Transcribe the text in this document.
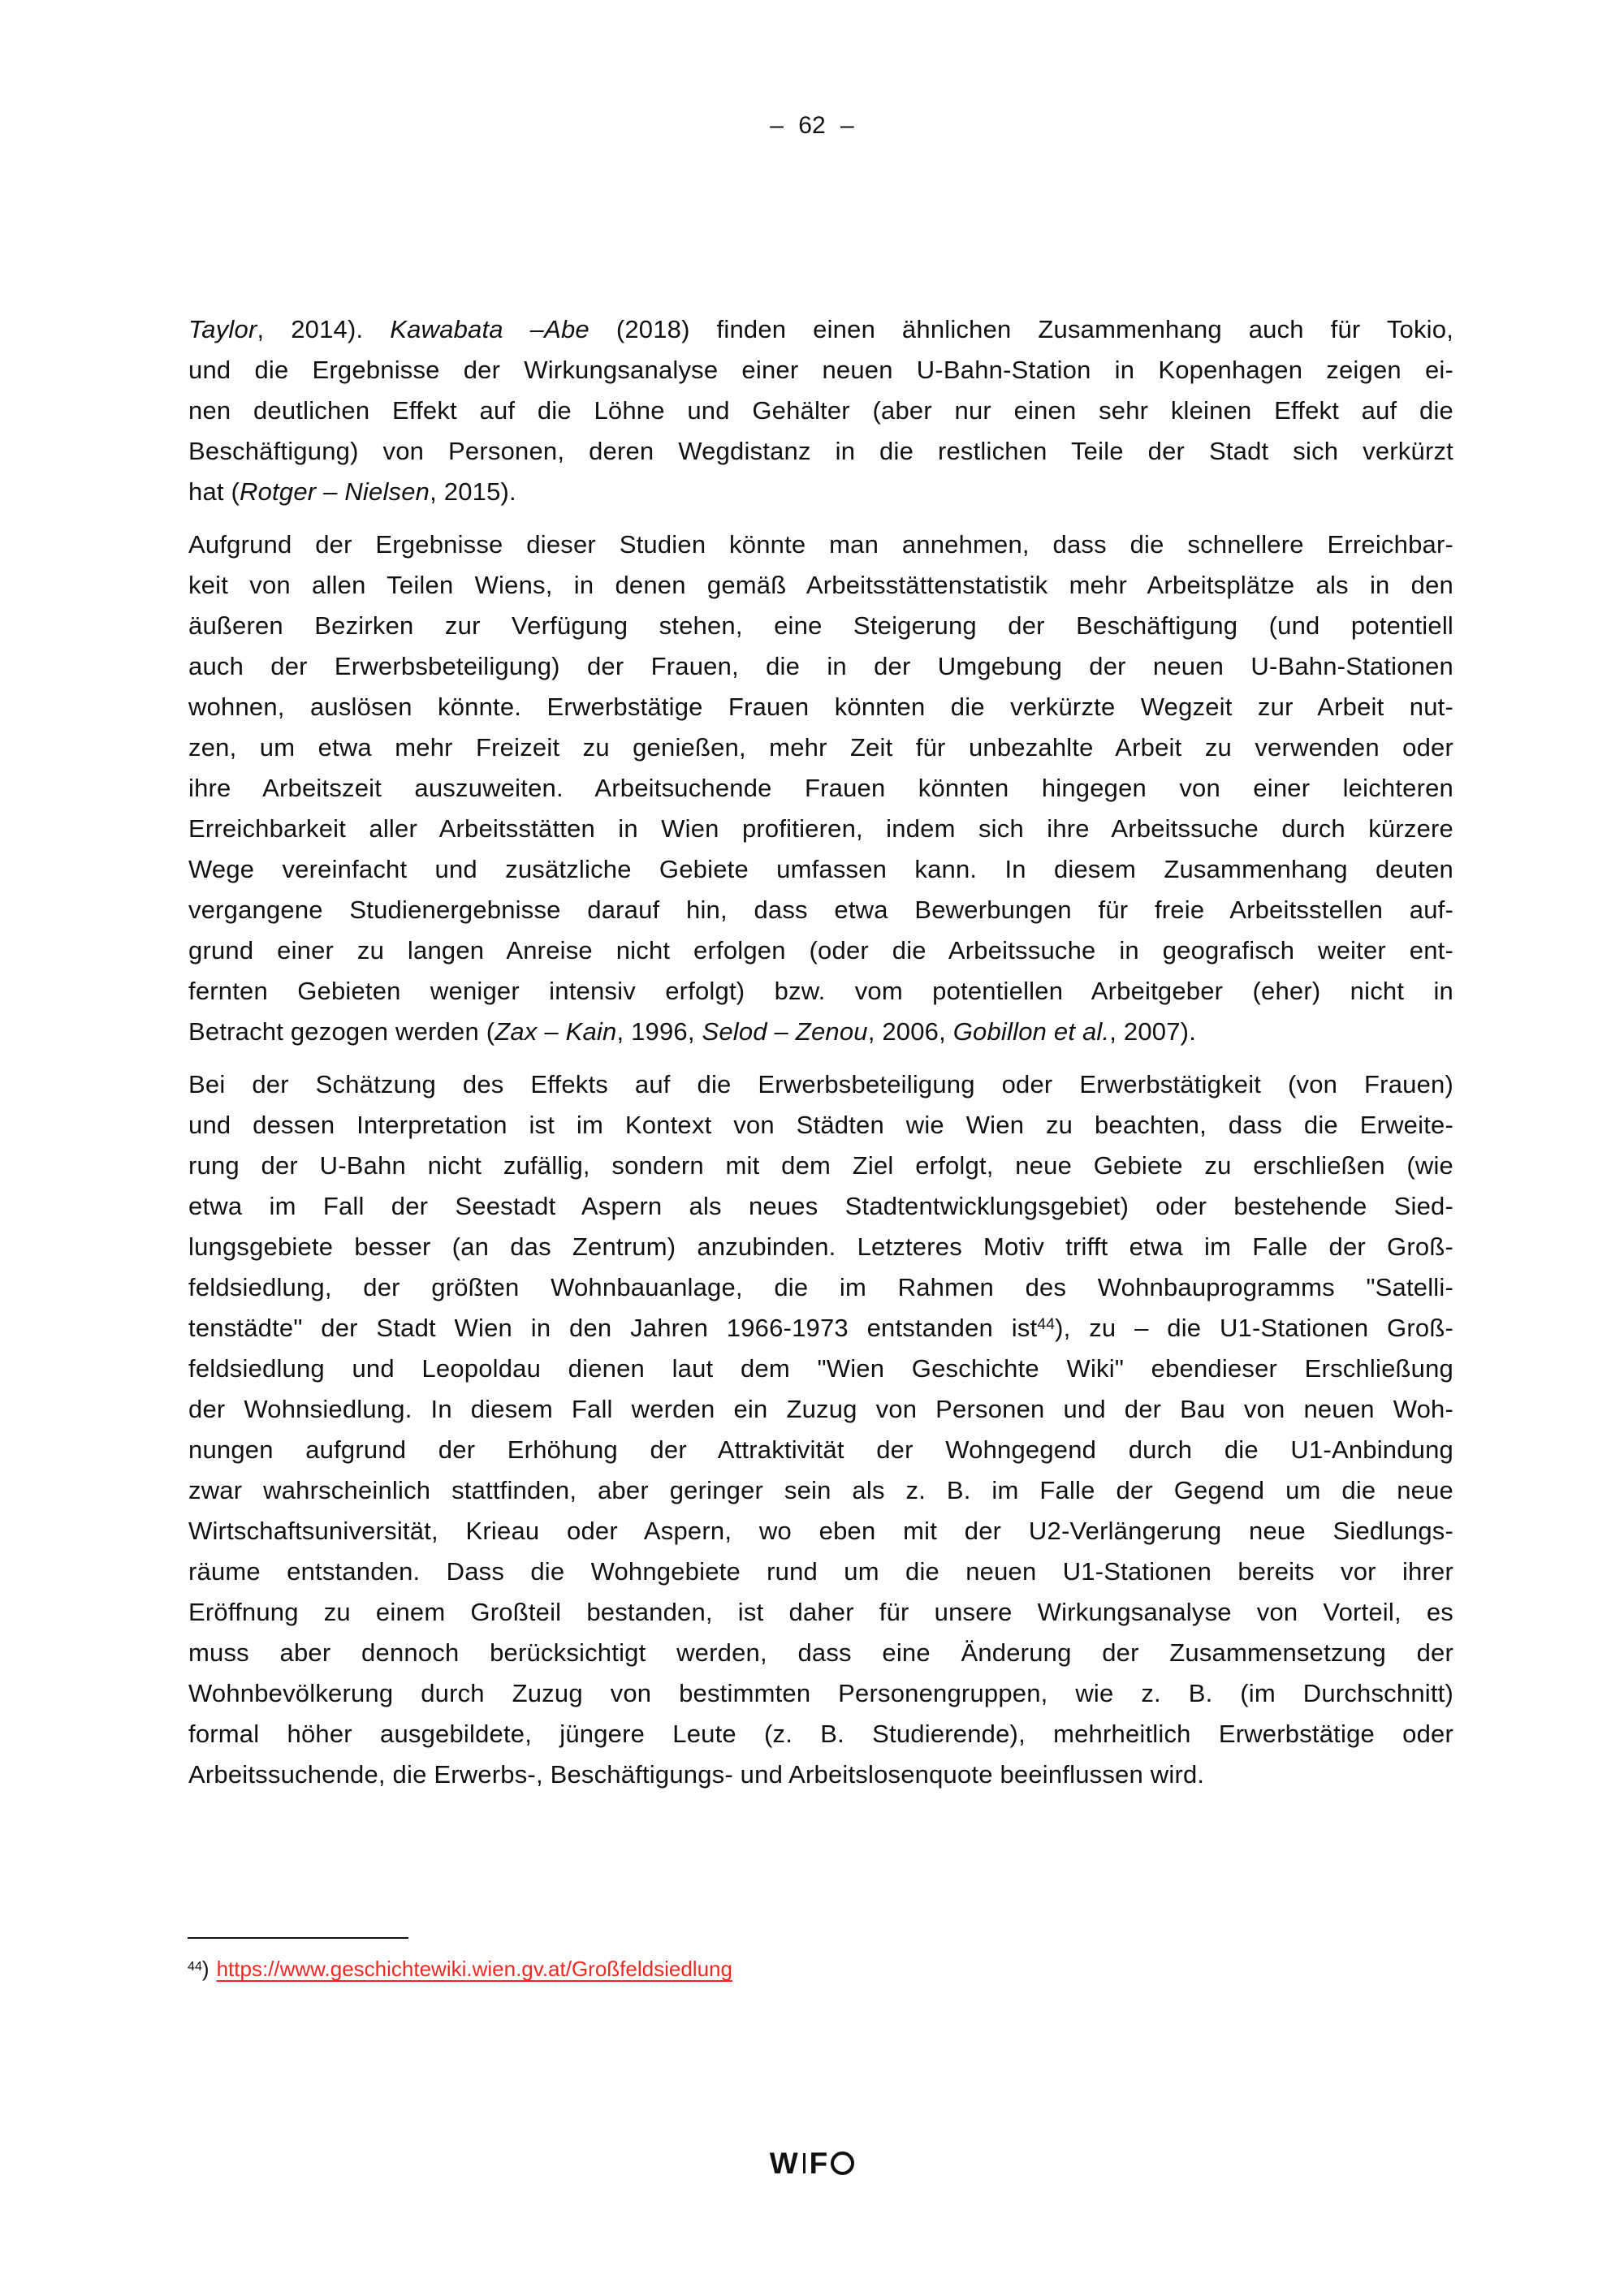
– 62 –
Taylor, 2014). Kawabata –Abe (2018) finden einen ähnlichen Zusammenhang auch für Tokio,
und die Ergebnisse der Wirkungsanalyse einer neuen U-Bahn-Station in Kopenhagen zeigen ei-
nen deutlichen Effekt auf die Löhne und Gehälter (aber nur einen sehr kleinen Effekt auf die
Beschäftigung) von Personen, deren Wegdistanz in die restlichen Teile der Stadt sich verkürzt
hat (Rotger – Nielsen, 2015).
Aufgrund der Ergebnisse dieser Studien könnte man annehmen, dass die schnellere Erreichbar-
keit von allen Teilen Wiens, in denen gemäß Arbeitsstättenstatistik mehr Arbeitsplätze als in den
äußeren Bezirken zur Verfügung stehen, eine Steigerung der Beschäftigung (und potentiell
auch der Erwerbsbeteiligung) der Frauen, die in der Umgebung der neuen U-Bahn-Stationen
wohnen, auslösen könnte. Erwerbstätige Frauen könnten die verkürzte Wegzeit zur Arbeit nut-
zen, um etwa mehr Freizeit zu genießen, mehr Zeit für unbezahlte Arbeit zu verwenden oder
ihre Arbeitszeit auszuweiten. Arbeitsuchende Frauen könnten hingegen von einer leichteren
Erreichbarkeit aller Arbeitsstätten in Wien profitieren, indem sich ihre Arbeitssuche durch kürzere
Wege vereinfacht und zusätzliche Gebiete umfassen kann. In diesem Zusammenhang deuten
vergangene Studienergebnisse darauf hin, dass etwa Bewerbungen für freie Arbeitsstellen auf-
grund einer zu langen Anreise nicht erfolgen (oder die Arbeitssuche in geografisch weiter ent-
fernten Gebieten weniger intensiv erfolgt) bzw. vom potentiellen Arbeitgeber (eher) nicht in
Betracht gezogen werden (Zax – Kain, 1996, Selod – Zenou, 2006, Gobillon et al., 2007).
Bei der Schätzung des Effekts auf die Erwerbsbeteiligung oder Erwerbstätigkeit (von Frauen)
und dessen Interpretation ist im Kontext von Städten wie Wien zu beachten, dass die Erweite-
rung der U-Bahn nicht zufällig, sondern mit dem Ziel erfolgt, neue Gebiete zu erschließen (wie
etwa im Fall der Seestadt Aspern als neues Stadtentwicklungsgebiet) oder bestehende Sied-
lungsgebiete besser (an das Zentrum) anzubinden. Letzteres Motiv trifft etwa im Falle der Groß-
feldsiedlung, der größten Wohnbauanlage, die im Rahmen des Wohnbauprogramms "Satelli-
tenstädte" der Stadt Wien in den Jahren 1966-1973 entstanden ist$^{44}$), zu – die U1-Stationen Groß-
feldsiedlung und Leopoldau dienen laut dem "Wien Geschichte Wiki" ebendieser Erschließung
der Wohnsiedlung. In diesem Fall werden ein Zuzug von Personen und der Bau von neuen Woh-
nungen aufgrund der Erhöhung der Attraktivität der Wohngegend durch die U1-Anbindung
zwar wahrscheinlich stattfinden, aber geringer sein als z. B. im Falle der Gegend um die neue
Wirtschaftsuniversität, Krieau oder Aspern, wo eben mit der U2-Verlängerung neue Siedlungs-
räume entstanden. Dass die Wohngebiete rund um die neuen U1-Stationen bereits vor ihrer
Eröffnung zu einem Großteil bestanden, ist daher für unsere Wirkungsanalyse von Vorteil, es
muss aber dennoch berücksichtigt werden, dass eine Änderung der Zusammensetzung der
Wohnbevölkerung durch Zuzug von bestimmten Personengruppen, wie z. B. (im Durchschnitt)
formal höher ausgebildete, jüngere Leute (z. B. Studierende), mehrheitlich Erwerbstätige oder
Arbeitssuchende, die Erwerbs-, Beschäftigungs- und Arbeitslosenquote beeinflussen wird.
$^{44}$) https://www.geschichtewiki.wien.gv.at/Großfeldsiedlung
W F
